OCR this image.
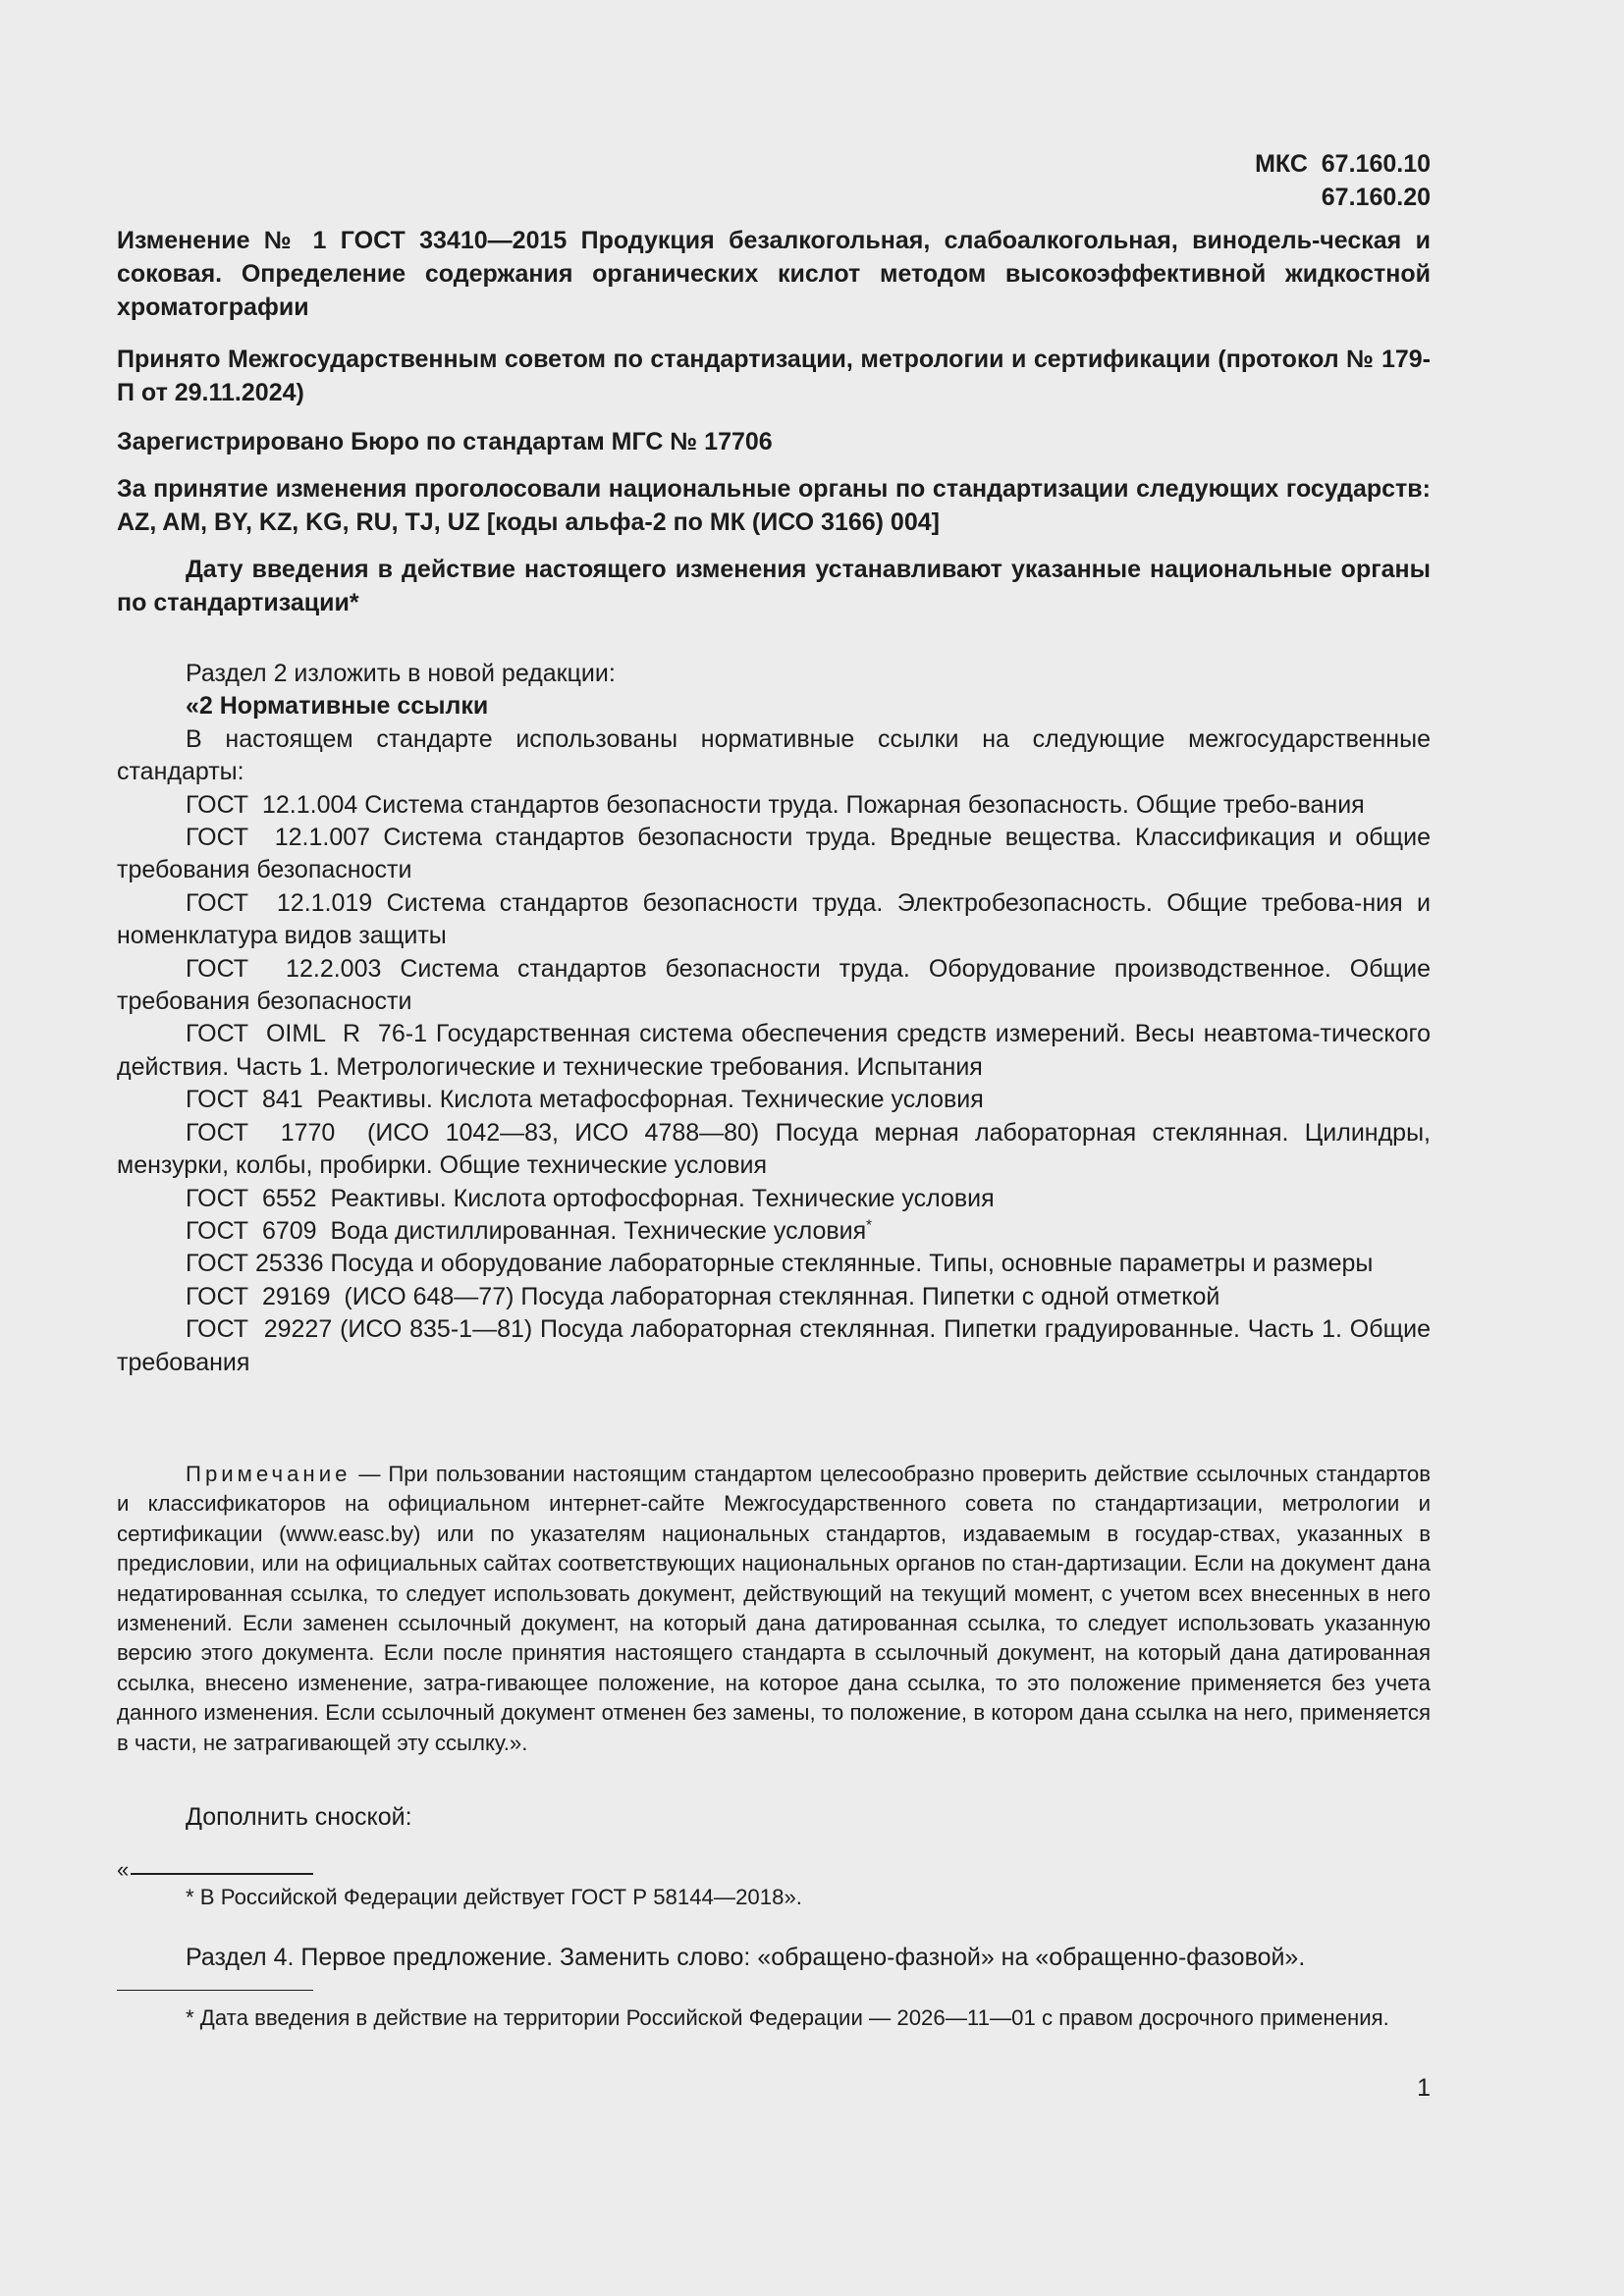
МКС 67.160.10
67.160.20

Изменение № 1 ГОСТ 33410—2015 Продукция безалкогольная, слабоалкогольная, винодель-ческая и соковая. Определение содержания органических кислот методом высокоэффективной жидкостной хроматографии

Принято Межгосударственным советом по стандартизации, метрологии и сертификации (протокол № 179-П от 29.11.2024)

Зарегистрировано Бюро по стандартам МГС № 17706

За принятие изменения проголосовали национальные органы по стандартизации следующих государств: AZ, AM, BY, KZ, KG, RU, TJ, UZ [коды альфа-2 по МК (ИСО 3166) 004]

Дату введения в действие настоящего изменения устанавливают указанные национальные органы по стандартизации*

Раздел 2 изложить в новой редакции:

«2 Нормативные ссылки

В настоящем стандарте использованы нормативные ссылки на следующие межгосударственные стандарты:

ГОСТ  12.1.004 Система стандартов безопасности труда. Пожарная безопасность. Общие требо-вания

ГОСТ  12.1.007 Система стандартов безопасности труда. Вредные вещества. Классификация и общие требования безопасности

ГОСТ  12.1.019 Система стандартов безопасности труда. Электробезопасность. Общие требова-ния и номенклатура видов защиты

ГОСТ  12.2.003 Система стандартов безопасности труда. Оборудование производственное. Общие требования безопасности

ГОСТ  OIML  R  76-1 Государственная система обеспечения средств измерений. Весы неавтома-тического действия. Часть 1. Метрологические и технические требования. Испытания

ГОСТ  841  Реактивы. Кислота метафосфорная. Технические условия

ГОСТ  1770  (ИСО 1042—83, ИСО 4788—80) Посуда мерная лабораторная стеклянная. Цилиндры, мензурки, колбы, пробирки. Общие технические условия

ГОСТ  6552  Реактивы. Кислота ортофосфорная. Технические условия

ГОСТ  6709  Вода дистиллированная. Технические условия*

ГОСТ 25336 Посуда и оборудование лабораторные стеклянные. Типы, основные параметры и размеры

ГОСТ  29169  (ИСО 648—77) Посуда лабораторная стеклянная. Пипетки с одной отметкой

ГОСТ  29227 (ИСО 835-1—81) Посуда лабораторная стеклянная. Пипетки градуированные. Часть 1. Общие требования

Примечание — При пользовании настоящим стандартом целесообразно проверить действие ссылочных стандартов и классификаторов на официальном интернет-сайте Межгосударственного совета по стандартизации, метрологии и сертификации (www.easc.by) или по указателям национальных стандартов, издаваемым в государ-ствах, указанных в предисловии, или на официальных сайтах соответствующих национальных органов по стан-дартизации. Если на документ дана недатированная ссылка, то следует использовать документ, действующий на текущий момент, с учетом всех внесенных в него изменений. Если заменен ссылочный документ, на который дана датированная ссылка, то следует использовать указанную версию этого документа. Если после принятия настоящего стандарта в ссылочный документ, на который дана датированная ссылка, внесено изменение, затра-гивающее положение, на которое дана ссылка, то это положение применяется без учета данного изменения. Если ссылочный документ отменен без замены, то положение, в котором дана ссылка на него, применяется в части, не затрагивающей эту ссылку.».

Дополнить сноской:

«

* В Российской Федерации действует ГОСТ Р 58144—2018».

Раздел 4. Первое предложение. Заменить слово: «обращено-фазной» на «обращенно-фазовой».

* Дата введения в действие на территории Российской Федерации — 2026—11—01 с правом досрочного применения.

1
